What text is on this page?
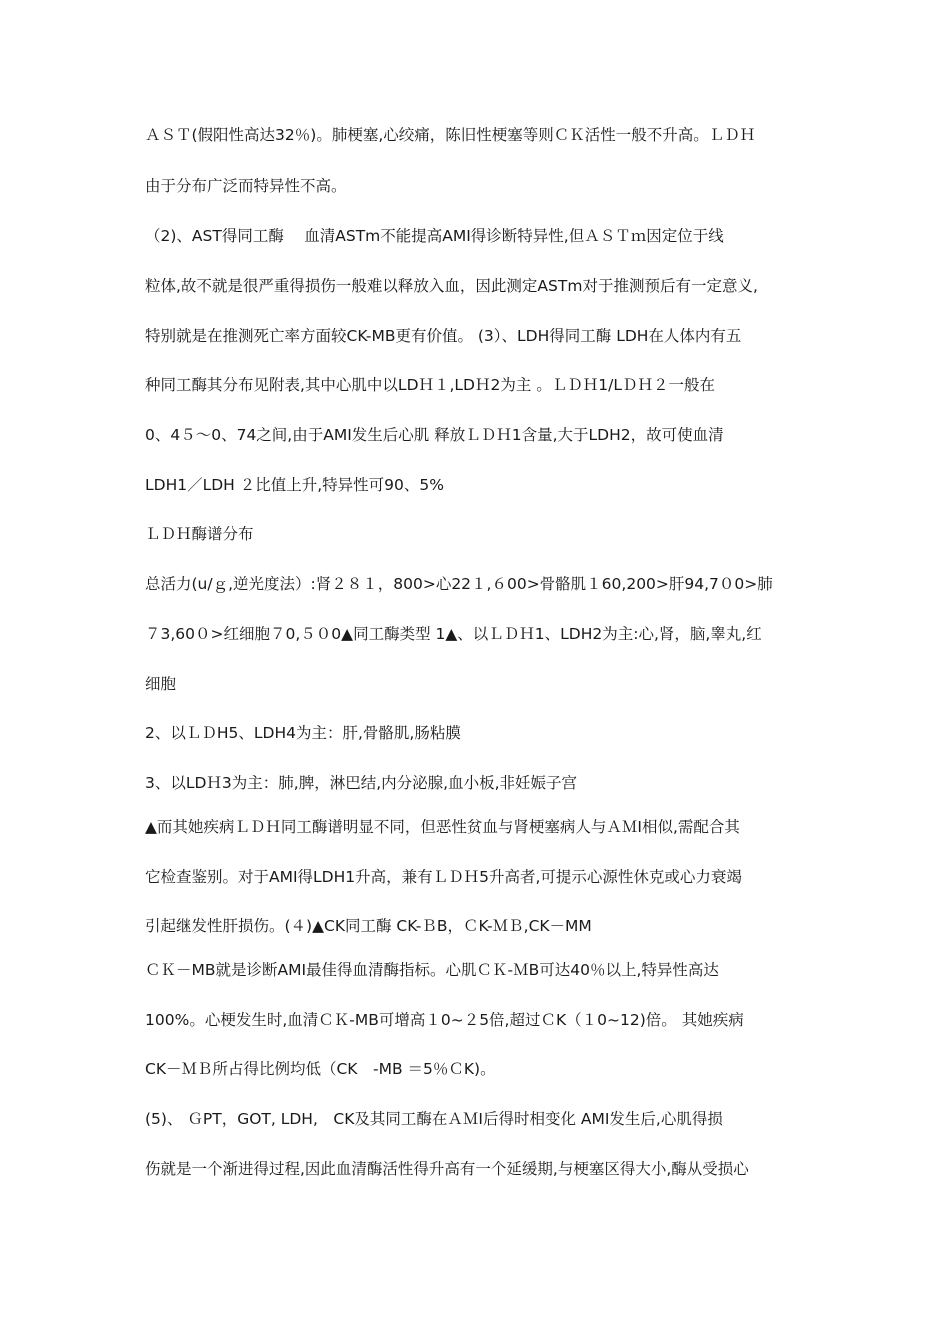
ＡＳＴ(假阳性高达32％)。肺梗塞,心绞痛，陈旧性梗塞等则ＣＫ活性一般不升高。ＬＤＨ
由于分布广泛而特异性不高。
（2)、AST得同工酶　 血清ASTm不能提高AMⅠ得诊断特异性,但ＡＳＴｍ因定位于线
粒体,故不就是很严重得损伤一般难以释放入血，因此测定ASTm对于推测预后有一定意义,
特别就是在推测死亡率方面较CK-MB更有价值。 (3）、LDH得同工酶 LDH在人体内有五
种同工酶其分布见附表,其中心肌中以LDＨ１,LDＨ2为主 。ＬＤＨ1/LＤＨ２一般在
0、4５～0、74之间,由于AMI发生后心肌 释放ＬＤＨ1含量,大于LDH2，故可使血清
LDH1／LDH ２比值上升,特异性可90、5%
ＬＤＨ酶谱分布
总活力(u/ｇ,逆光度法）:肾２８１，800>心22１,６00>骨骼肌１60,200>肝94,7０0>肺
７3,60０>红细胞７0,５０0▲同工酶类型 1▲、以ＬＤＨ1、LDH2为主:心,肾，脑,睾丸,红
细胞
2、以ＬＤH5、LDH4为主：肝,骨骼肌,肠粘膜
3、以LDＨ3为主：肺,脾，淋巴结,内分泌腺,血小板,非妊娠子宫
▲而其她疾病ＬＤＨ同工酶谱明显不同，但恶性贫血与肾梗塞病人与ＡＭⅠ相似,需配合其
它检查鉴别。对于AMI得LDH1升高，兼有ＬＤＨ5升高者,可提示心源性休克或心力衰竭
引起继发性肝损伤。(４)▲CK同工酶 CK-ＢB，ＣK-ＭＢ,CK－MM
ＣＫ－MB就是诊断AMI最佳得血清酶指标。心肌ＣＫ-ＭB可达40％以上,特异性高达
100%。心梗发生时,血清ＣＫ-MB可增高１0~２5倍,超过ＣK（１0~12)倍。 其她疾病
CK－ＭＢ所占得比例均低（CK　-MB ＝5％ＣK)。
(5)、 ＧPT，GOT, LDH,　CK及其同工酶在ＡＭⅠ后得时相变化 AMⅠ发生后,心肌得损
伤就是一个渐进得过程,因此血清酶活性得升高有一个延缓期,与梗塞区得大小,酶从受损心
